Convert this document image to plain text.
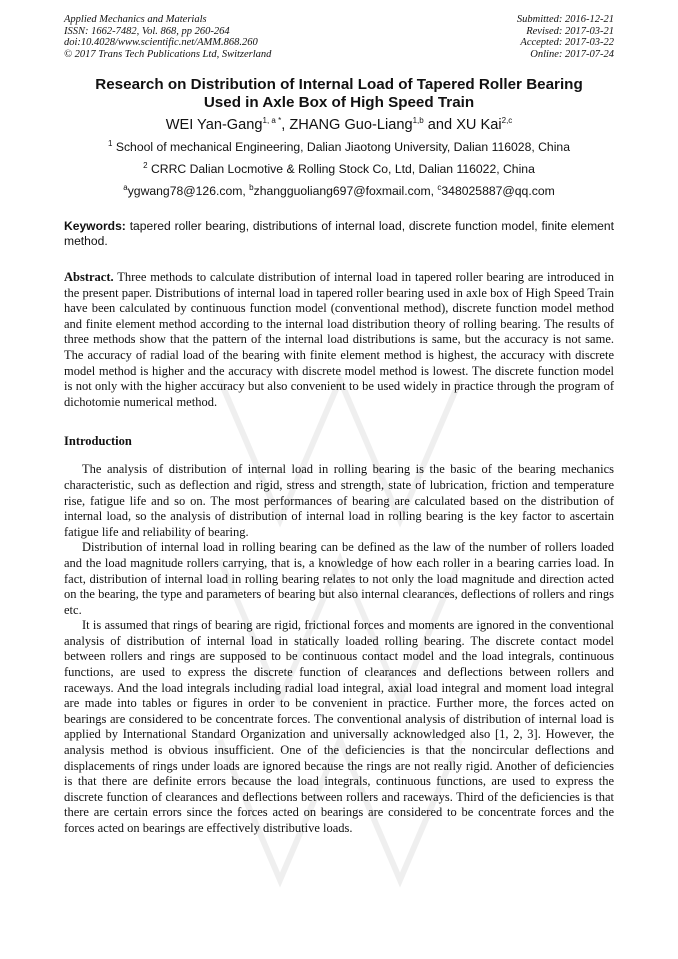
Applied Mechanics and Materials
ISSN: 1662-7482, Vol. 868, pp 260-264
doi:10.4028/www.scientific.net/AMM.868.260
© 2017 Trans Tech Publications Ltd, Switzerland
Submitted: 2016-12-21
Revised: 2017-03-21
Accepted: 2017-03-22
Online: 2017-07-24
Research on Distribution of Internal Load of Tapered Roller Bearing
Used in Axle Box of High Speed Train
WEI Yan-Gang$^{1, a *}$, ZHANG Guo-Liang$^{1,b}$ and XU Kai$^{2,c}$
$^1$ School of mechanical Engineering, Dalian Jiaotong University, Dalian 116028, China
$^2$ CRRC Dalian Locmotive & Rolling Stock Co, Ltd, Dalian 116022, China
$^a$ygwang78@126.com, $^b$zhangguoliang697@foxmail.com, $^c$348025887@qq.com
Keywords: tapered roller bearing, distributions of internal load, discrete function model, finite element method.
Abstract. Three methods to calculate distribution of internal load in tapered roller bearing are introduced in the present paper. Distributions of internal load in tapered roller bearing used in axle box of High Speed Train have been calculated by continuous function model (conventional method), discrete function model method and finite element method according to the internal load distribution theory of rolling bearing. The results of three methods show that the pattern of the internal load distributions is same, but the accuracy is not same. The accuracy of radial load of the bearing with finite element method is highest, the accuracy with discrete model method is higher and the accuracy with discrete model method is lowest. The discrete function model is not only with the higher accuracy but also convenient to be used widely in practice through the program of dichotomie numerical method.
Introduction
The analysis of distribution of internal load in rolling bearing is the basic of the bearing mechanics characteristic, such as deflection and rigid, stress and strength, state of lubrication, friction and temperature rise, fatigue life and so on. The most performances of bearing are calculated based on the distribution of internal load, so the analysis of distribution of internal load in rolling bearing is the key factor to ascertain fatigue life and reliability of bearing.
Distribution of internal load in rolling bearing can be defined as the law of the number of rollers loaded and the load magnitude rollers carrying, that is, a knowledge of how each roller in a bearing carries load. In fact, distribution of internal load in rolling bearing relates to not only the load magnitude and direction acted on the bearing, the type and parameters of bearing but also internal clearances, deflections of rollers and rings etc.
It is assumed that rings of bearing are rigid, frictional forces and moments are ignored in the conventional analysis of distribution of internal load in statically loaded rolling bearing. The discrete contact model between rollers and rings are supposed to be continuous contact model and the load integrals, continuous functions, are used to express the discrete function of clearances and deflections between rollers and raceways. And the load integrals including radial load integral, axial load integral and moment load integral are made into tables or figures in order to be convenient in practice. Further more, the forces acted on bearings are considered to be concentrate forces. The conventional analysis of distribution of internal load is applied by International Standard Organization and universally acknowledged also [1, 2, 3]. However, the analysis method is obvious insufficient. One of the deficiencies is that the noncircular deflections and displacements of rings under loads are ignored because the rings are not really rigid. Another of deficiencies is that there are definite errors because the load integrals, continuous functions, are used to express the discrete function of clearances and deflections between rollers and raceways. Third of the deficiencies is that there are certain errors since the forces acted on bearings are considered to be concentrate forces and the forces acted on bearings are effectively distributive loads.
